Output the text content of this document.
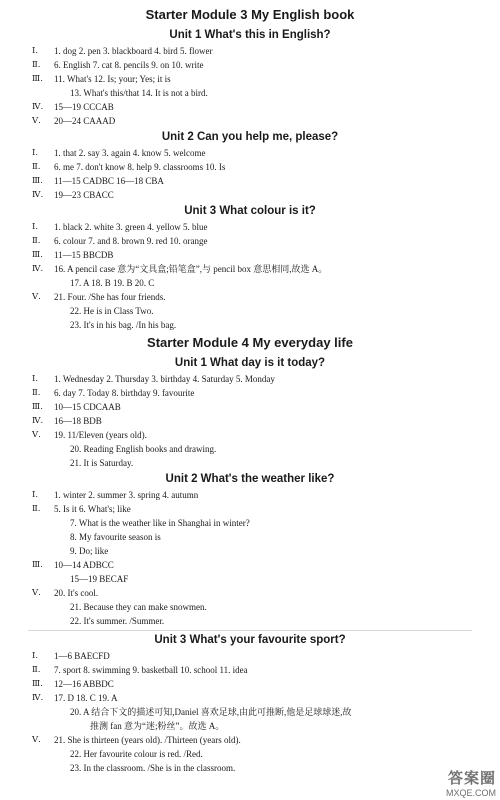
Starter Module 3 My English book
Unit 1 What's this in English?
Ⅰ. 1. dog 2. pen 3. blackboard 4. bird 5. flower
Ⅱ. 6. English 7. cat 8. pencils 9. on 10. write
Ⅲ. 11. What's 12. Is; your; Yes; it is
13. What's this/that 14. It is not a bird.
Ⅳ. 15—19 CCCAB
Ⅴ. 20—24 CAAAD
Unit 2 Can you help me, please?
Ⅰ. 1. that 2. say 3. again 4. know 5. welcome
Ⅱ. 6. me 7. don't know 8. help 9. classrooms 10. Is
Ⅲ. 11—15 CADBC 16—18 CBA
Ⅳ. 19—23 CBACC
Unit 3 What colour is it?
Ⅰ. 1. black 2. white 3. green 4. yellow 5. blue
Ⅱ. 6. colour 7. and 8. brown 9. red 10. orange
Ⅲ. 11—15 BBCDB
Ⅳ. 16. A pencil case 意为“文具盒;铅笔盒”,与 pencil box 意思相同,故选 A。
17. A 18. B 19. B 20. C
Ⅴ. 21. Four. /She has four friends.
22. He is in Class Two.
23. It's in his bag. /In his bag.
Starter Module 4 My everyday life
Unit 1 What day is it today?
Ⅰ. 1. Wednesday 2. Thursday 3. birthday 4. Saturday 5. Monday
Ⅱ. 6. day 7. Today 8. birthday 9. favourite
Ⅲ. 10—15 CDCAAB
Ⅳ. 16—18 BDB
Ⅴ. 19. 11/Eleven (years old).
20. Reading English books and drawing.
21. It is Saturday.
Unit 2 What's the weather like?
Ⅰ. 1. winter 2. summer 3. spring 4. autumn
Ⅱ. 5. Is it 6. What's; like
7. What is the weather like in Shanghai in winter?
8. My favourite season is
9. Do; like
Ⅲ. 10—14 ADBCC
15—19 BECAF
Ⅴ. 20. It's cool.
21. Because they can make snowmen.
22. It's summer. /Summer.
Unit 3 What's your favourite sport?
Ⅰ. 1—6 BAECFD
Ⅱ. 7. sport 8. swimming 9. basketball 10. school 11. idea
Ⅲ. 12—16 ABBDC
Ⅳ. 17. D 18. C 19. A
20. A 结合下文的描述可知,Daniel 喜欢足球,由此可推断,他是足球球迷,故
推测 fan 意为“迷;粉丝”。故选 A。
Ⅴ. 21. She is thirteen (years old). /Thirteen (years old).
22. Her favourite colour is red. /Red.
23. In the classroom. /She is in the classroom.
答案圈
MXQE.COM
